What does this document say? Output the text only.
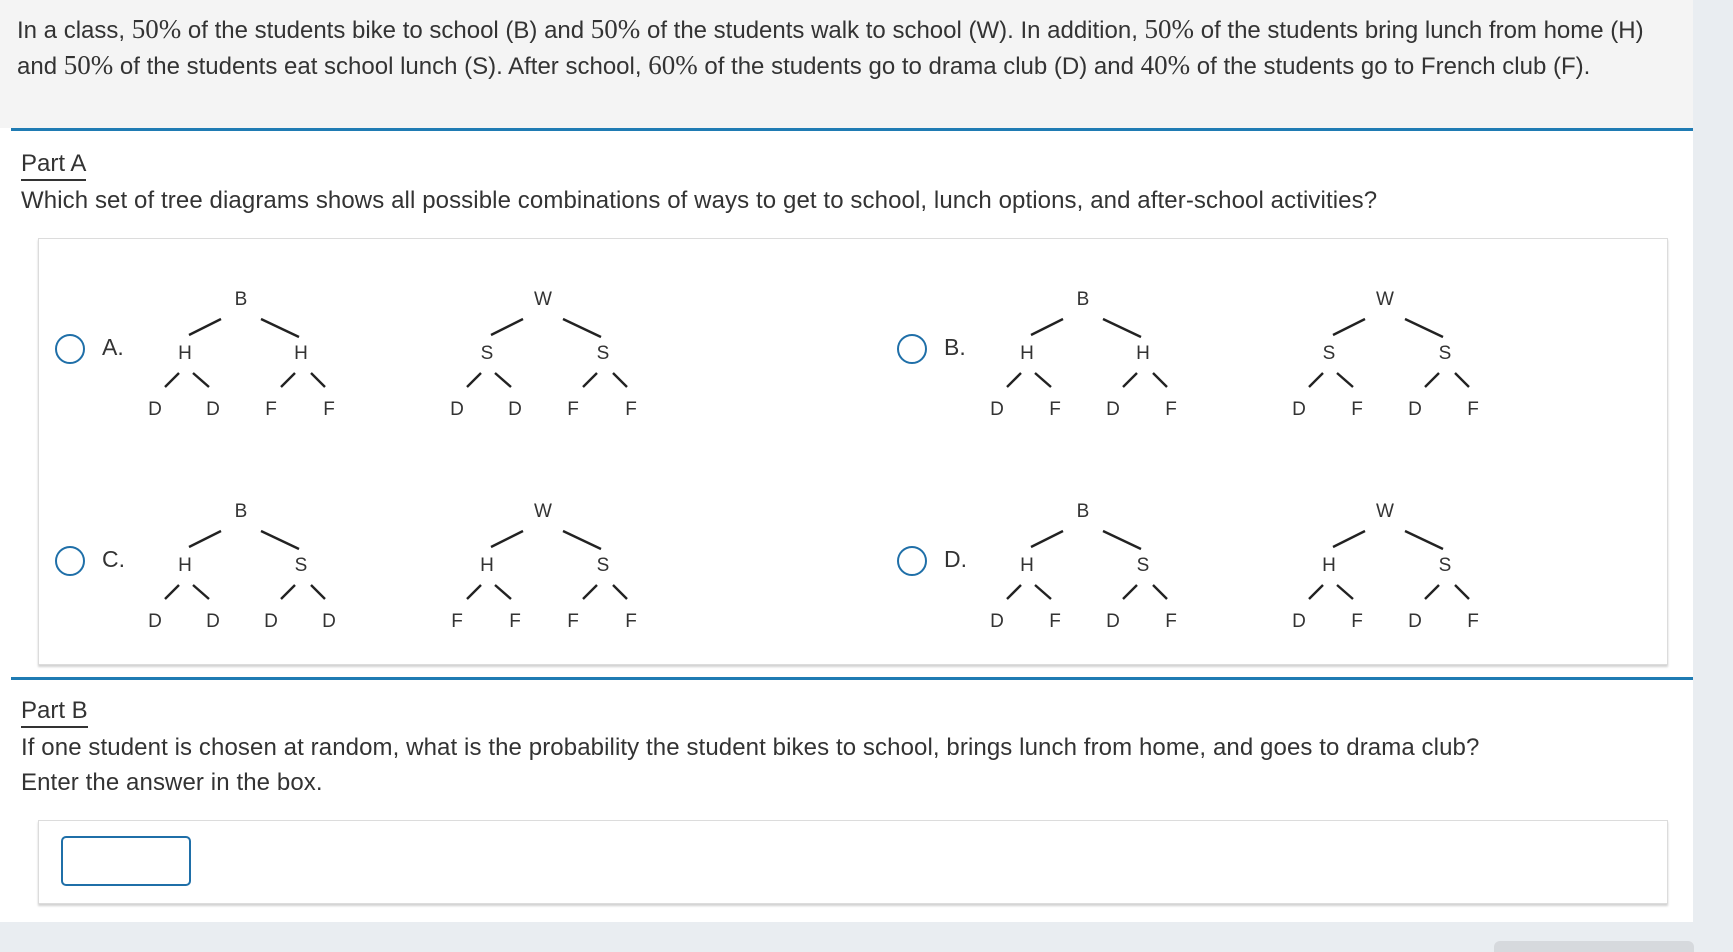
In a class, 50% of the students bike to school (B) and 50% of the students walk to school (W). In addition, 50% of the students bring lunch from home (H) and 50% of the students eat school lunch (S). After school, 60% of the students go to drama club (D) and 40% of the students go to French club (F).

Part A
Which set of tree diagrams shows all possible combinations of ways to get to school, lunch options, and after-school activities?
A.
B
H	H
D D F F
W
S	S
D D F F
B.
B
H	H
D F D F
W
S	S
D F D F
C.
B
H	S
D D D D
W
H	S
F F F F
D.
B
H	S
D F D F
W
H	S
D F D F
Part B
If one student is chosen at random, what is the probability the student bikes to school, brings lunch from home, and goes to drama club?
Enter the answer in the box.
